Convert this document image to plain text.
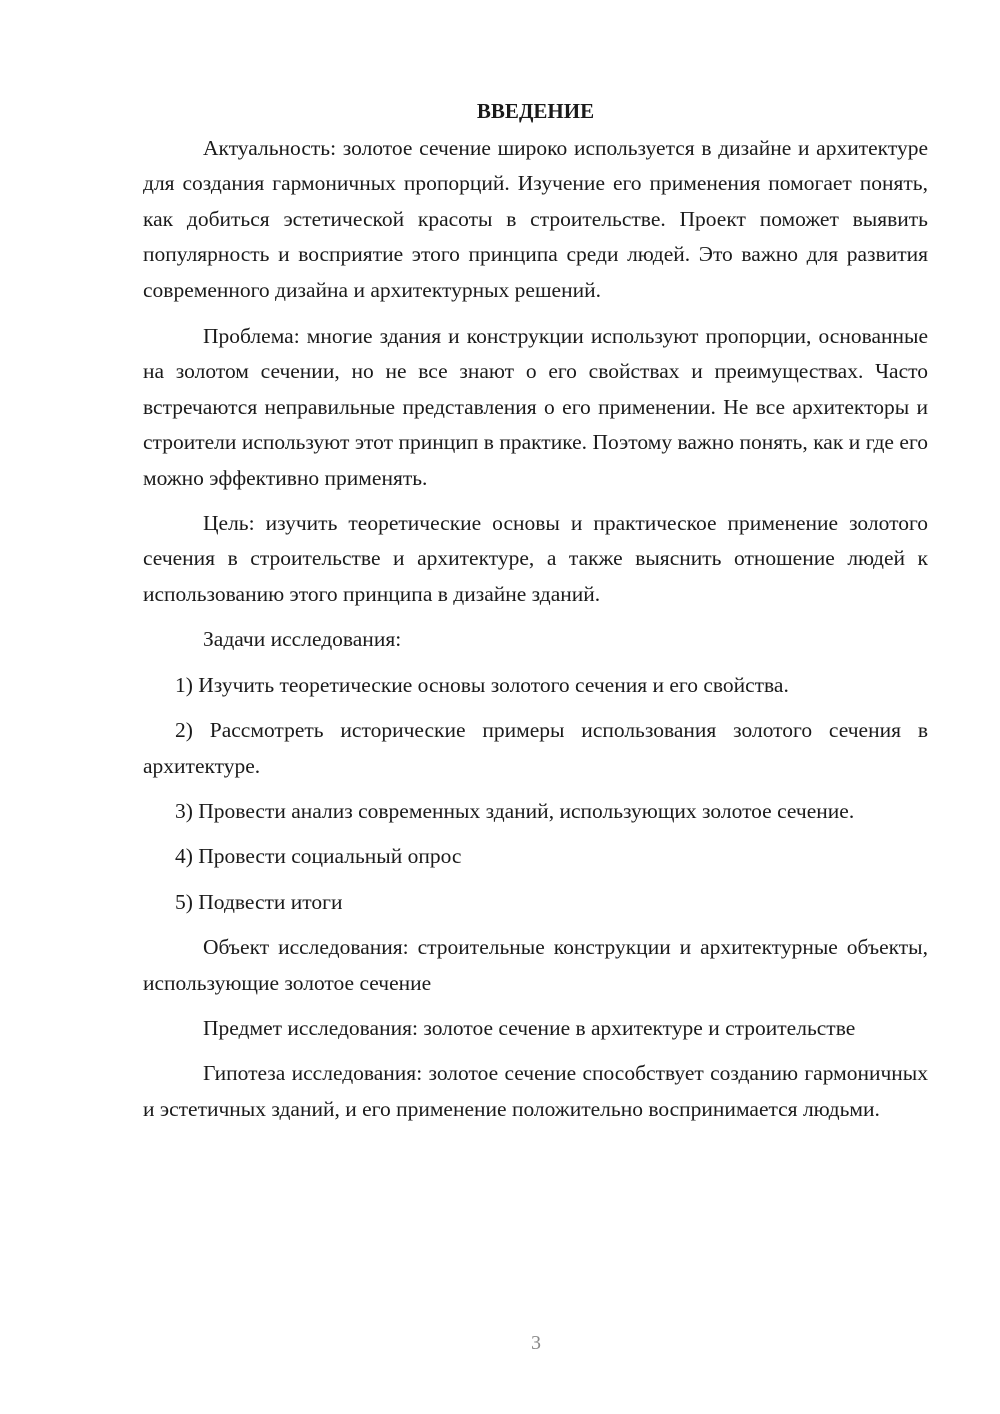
ВВЕДЕНИЕ

Актуальность: золотое сечение широко используется в дизайне и архитектуре для создания гармоничных пропорций. Изучение его применения помогает понять, как добиться эстетической красоты в строительстве. Проект поможет выявить популярность и восприятие этого принципа среди людей. Это важно для развития современного дизайна и архитектурных решений.

Проблема: многие здания и конструкции используют пропорции, основанные на золотом сечении, но не все знают о его свойствах и преимуществах. Часто встречаются неправильные представления о его применении. Не все архитекторы и строители используют этот принцип в практике. Поэтому важно понять, как и где его можно эффективно применять.

Цель: изучить теоретические основы и практическое применение золотого сечения в строительстве и архитектуре, а также выяснить отношение людей к использованию этого принципа в дизайне зданий.

Задачи исследования:

1) Изучить теоретические основы золотого сечения и его свойства.

2) Рассмотреть исторические примеры использования золотого сечения в архитектуре.

3) Провести анализ современных зданий, использующих золотое сечение.

4) Провести социальный опрос

5) Подвести итоги

Объект исследования: строительные конструкции и архитектурные объекты, использующие золотое сечение

Предмет исследования: золотое сечение в архитектуре и строительстве

Гипотеза исследования: золотое сечение способствует созданию гармоничных и эстетичных зданий, и его применение положительно воспринимается людьми.

3
